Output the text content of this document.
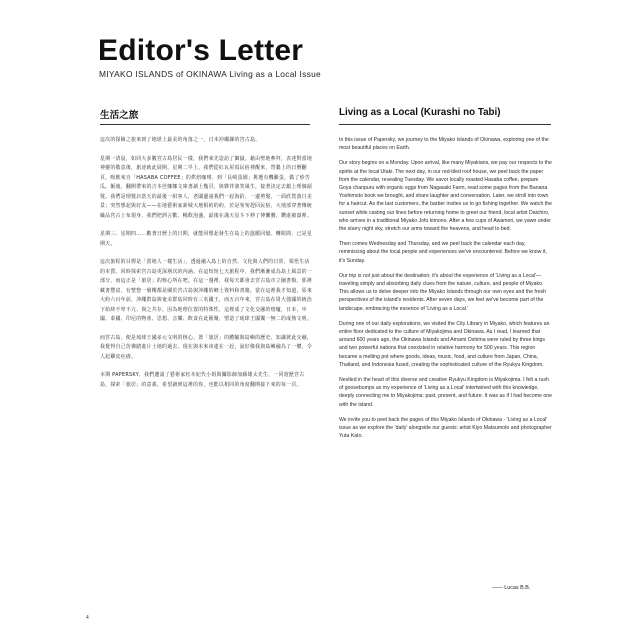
Editor's Letter
MIYAKO ISLANDS of OKINAWA Living as a Local Issue
生活之旅

這次的探險之旅來到了地球上最美的角落之一，日本沖繩縣的宮古島。

星期一清晨，如同大多數宮古島居民一樣，我們來先造訪了御嶽。藉由聖地參拜，表達對當地神靈的敬意後，旅途就此展開。星期二早上，我們從紅瓦屋頂民宿裡醒來，替牆上的日曆翻頁，吸飲來自「HASABA COFFEE」的烘焙咖啡，到「長崎蛋園」挑選有機雞蛋，做了炒苦瓜。飯後，翻開帶來的吉本芭娜娜文庫書讀上幾頁，與夥伴談笑風生，接著決定去鎮上理個頭髮。我們是理髮店當天的最後一組客人，老闆邊請我們一起海釣，一邊剪髮，一面欣賞落日美景；突然想起與好友——在地藝術家新城大地相約的約，於是匆匆趕回民宿，大地部穿著傳統織品宮古上布現身，我們把酒言歡、暢飲泡盛，最後在滿天星斗下伸了伸懶腰，鑽進被窩裡。

星期三、星期四……數著日曆上的日期，就能回想起發生在島上的溫暖回憶。轉眼間，已是星期天。

這次旅程的目標是「當地人一樣生活」，透過融入島上的自然、文化與人們的日常，領悟生活的本質。同時探索宮古島更深層次的內涵，在這短短七天旅程中，我們漸漸成為島上風景的一部分，而這正是「旅居」的核心所在吧。在這一週裡，我每天都會去宮古島市立圖書館。那裡藏書豐富，有整整一層樓都是關於宮古島與沖繩的鄉土資料和書籍。當在這裡我才知道，原來大約六百年前，沖繩群島與奄美群島同時有三名國王，而五百年來，宮古島在周大強國的統治下始終不卑不亢、與之共存。因為地理位置的特殊性，這裡成了文化交融的熔爐，日本、中國、泰國、印尼的物產、思想、音樂、飲食在此匯聚，塑造了琉球王國獨一無二的成熟文明。

而宮古島，便是琉球王國多元文明的核心。置「旅居」的體驗與島嶼的歷史、知識彼此交融，我覺得自己彷彿踏進片土地的過去、現在與未來串連在一起，說好像我與島嶼融為了一體，令人起雞皮疙瘩。

本期 PAPERSKY，我們邀請了藝術家松本紀代小姐與攝影師加藤雄太先生，一同遊歷宮古島，探索「旅居」的意義。希望讀到這裡的你，也能以相同的角度翻開接下來的每一頁。

Living as a Local (Kurashi no Tabi)

In this issue of Papersky, we journey to the Miyako Islands of Okinawa, exploring one of the most beautiful places on Earth.

Our story begins on a Monday. Upon arrival, like many Miyakians, we pay our respects to the spirits at the local Utaki. The next day, in our red-tiled roof house, we peel back the paper from the calendar, revealing Tuesday. We savor locally roasted Hasaba coffee, prepare Goya chanpuru with organic eggs from Nagasaki Farm, read some pages from the Banana Yoshimoto book we brought, and share laughter and conversation. Later, we stroll into town for a haircut. As the last customers, the barber invites us to go fishing together. We watch the sunset while casting our lines before returning home to greet our friend, local artist Daichiro, who arrives in a traditional Miyako Jofu kimono. After a few cups of Awamori, we yawn under the starry night sky, stretch our arms toward the heavens, and head to bed.

Then comes Wednesday and Thursday, and we peel back the calendar each day, reminiscing about the local people and experiences we've encountered. Before we know it, it's Sunday.

Our trip is not just about the destination; it's about the experience of 'Living as a Local'—traveling simply and absorbing daily clues from the nature, culture, and people of Miyako. This allows us to delve deeper into the Miyako Islands through our own eyes and the fresh perspectives of the island's residents. After seven days, we feel we've become part of the landscape, embracing the essence of 'Living as a Local.'

During one of our daily explorations, we visited the City Library in Miyako, which features an entire floor dedicated to the culture of Miyakojima and Okinawa. As I read, I learned that around 600 years ago, the Okinawa Islands and Amami Oshima were ruled by three kings and two powerful nations that coexisted in relative harmony for 500 years. This region became a melting pot where goods, ideas, music, food, and culture from Japan, China, Thailand, and Indonesia fused, creating the sophisticated culture of the Ryukyu Kingdom.

Nestled in the heart of this diverse and creative Ryukyu Kingdom is Miyakojima. I felt a rush of goosebumps as my experience of 'Living as a Local' intertwined with this knowledge, deeply connecting me to Miyakojima: past, present, and future. It was as if I had become one with the island.

We invite you to peel back the pages of this Miyako Islands of Okinawa - 'Living as a Local' issue as we explore the 'daily' alongside our guests: artist Kiyo Matsumoto and photographer Yuta Kato.

—— Lucas B.B.
4
